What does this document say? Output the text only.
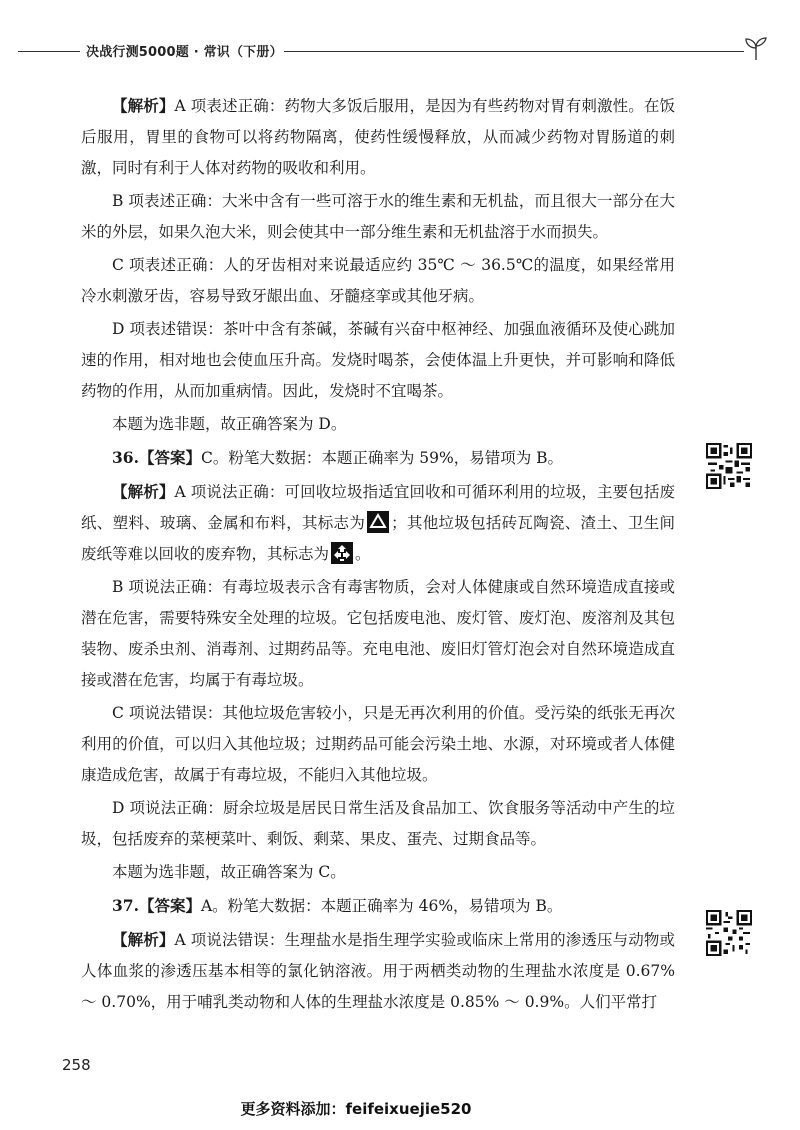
决战行测5000题 · 常识（下册）

【解析】A 项表述正确：药物大多饭后服用，是因为有些药物对胃有刺激性。在饭后服用，胃里的食物可以将药物隔离，使药性缓慢释放，从而减少药物对胃肠道的刺激，同时有利于人体对药物的吸收和利用。

B 项表述正确：大米中含有一些可溶于水的维生素和无机盐，而且很大一部分在大米的外层，如果久泡大米，则会使其中一部分维生素和无机盐溶于水而损失。

C 项表述正确：人的牙齿相对来说最适应约 35℃ ～ 36.5℃的温度，如果经常用冷水刺激牙齿，容易导致牙龈出血、牙髓痉挛或其他牙病。

D 项表述错误：茶叶中含有茶碱，茶碱有兴奋中枢神经、加强血液循环及使心跳加速的作用，相对地也会使血压升高。发烧时喝茶，会使体温上升更快，并可影响和降低药物的作用，从而加重病情。因此，发烧时不宜喝茶。

本题为选非题，故正确答案为 D。

36.【答案】C。粉笔大数据：本题正确率为 59%，易错项为 B。

【解析】A 项说法正确：可回收垃圾指适宜回收和可循环利用的垃圾，主要包括废纸、塑料、玻璃、金属和布料，其标志为 ；其他垃圾包括砖瓦陶瓷、渣土、卫生间废纸等难以回收的废弃物，其标志为 。

B 项说法正确：有毒垃圾表示含有毒害物质，会对人体健康或自然环境造成直接或潜在危害，需要特殊安全处理的垃圾。它包括废电池、废灯管、废灯泡、废溶剂及其包装物、废杀虫剂、消毒剂、过期药品等。充电电池、废旧灯管灯泡会对自然环境造成直接或潜在危害，均属于有毒垃圾。

C 项说法错误：其他垃圾危害较小，只是无再次利用的价值。受污染的纸张无再次利用的价值，可以归入其他垃圾；过期药品可能会污染土地、水源，对环境或者人体健康造成危害，故属于有毒垃圾，不能归入其他垃圾。

D 项说法正确：厨余垃圾是居民日常生活及食品加工、饮食服务等活动中产生的垃圾，包括废弃的菜梗菜叶、剩饭、剩菜、果皮、蛋壳、过期食品等。

本题为选非题，故正确答案为 C。

37.【答案】A。粉笔大数据：本题正确率为 46%，易错项为 B。

【解析】A 项说法错误：生理盐水是指生理学实验或临床上常用的渗透压与动物或人体血浆的渗透压基本相等的氯化钠溶液。用于两栖类动物的生理盐水浓度是 0.67% ～ 0.70%，用于哺乳类动物和人体的生理盐水浓度是 0.85% ～ 0.9%。人们平常打

258
更多资料添加：feifeixuejie520
